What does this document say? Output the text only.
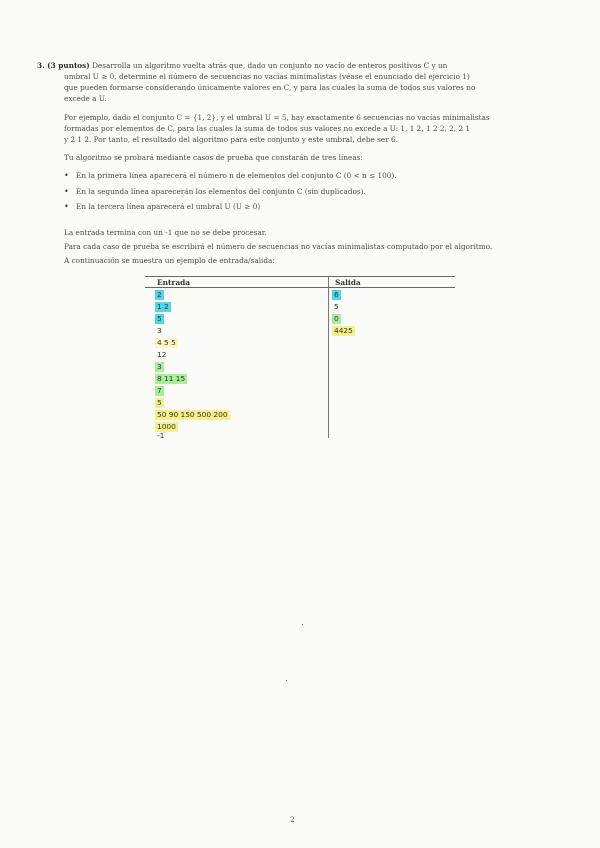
3. (3 puntos) Desarrolla un algoritmo vuelta atrás que, dado un conjunto no vacío de enteros positivos C y un
umbral U ≥ 0, determine el número de secuencias no vacías minimalistas (véase el enunciado del ejercicio 1)
que pueden formarse considerando únicamente valores en C, y para las cuales la suma de todos sus valores no
excede a U.
Por ejemplo, dado el conjunto C = {1, 2}, y el umbral U = 5, hay exactamente 6 secuencias no vacías minimalistas
formadas por elementos de C, para las cuales la suma de todos sus valores no excede a U: 1, 1 2, 1 2 2, 2, 2 1
y 2 1 2. Por tanto, el resultado del algoritmo para este conjunto y este umbral, debe ser 6.
Tu algoritmo se probará mediante casos de prueba que constarán de tres líneas:
• En la primera línea aparecerá el número n de elementos del conjunto C (0 < n ≤ 100).
• En la segunda línea aparecerán los elementos del conjunto C (sin duplicados).
• En la tercera línea aparecerá el umbral U (U ≥ 0)
La entrada termina con un -1 que no se debe procesar.
Para cada caso de prueba se escribirá el número de secuencias no vacías minimalistas computado por el algoritmo.
A continuación se muestra un ejemplo de entrada/salida:
Entrada	Salida
2
1 2
5
3
4 5 5
12
3
8 11 15
7
5
50 90 150 500 200
1000
-1
6
5
0
4425
2
